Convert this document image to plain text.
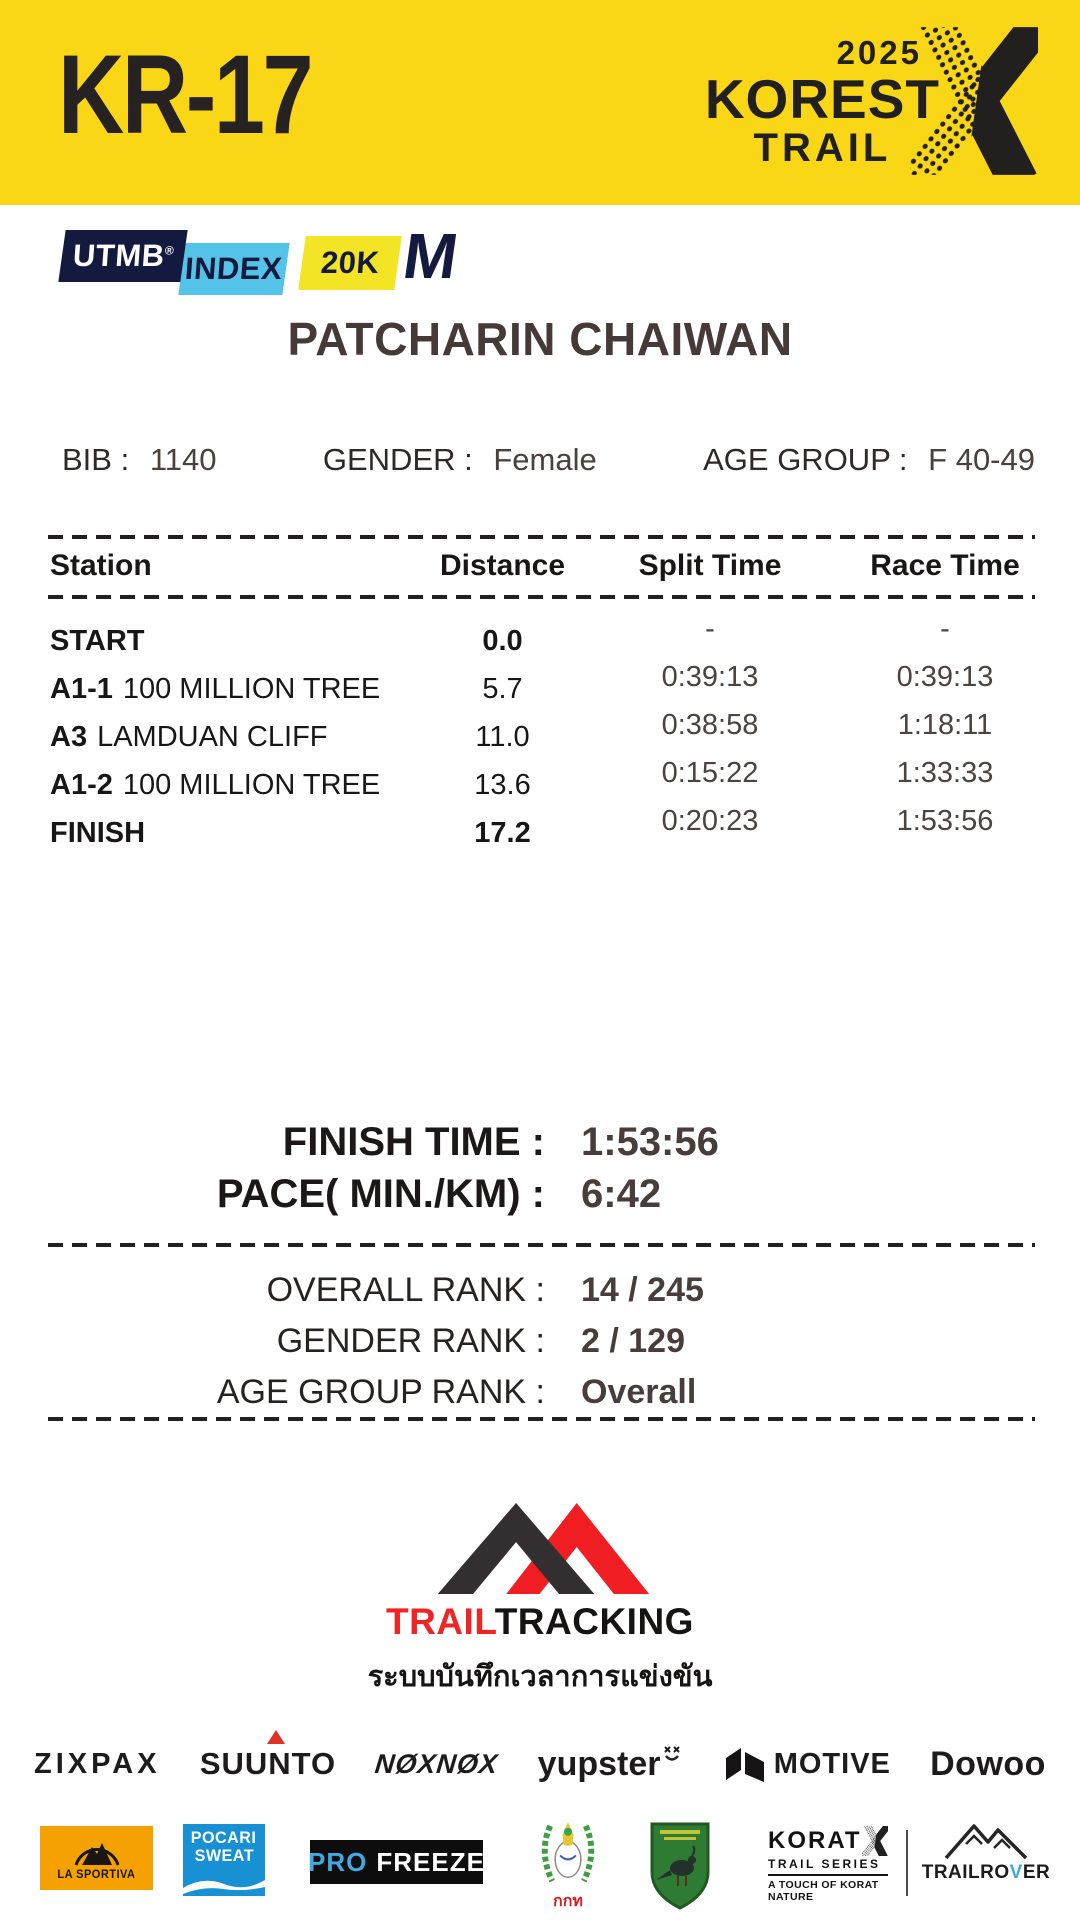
KR-17	2025
KOREST
TRAIL
UTMB®
INDEX 20K M
PATCHARIN CHAIWAN
BIB : 1140	GENDER : Female	AGE GROUP : F 40-49
Station	Distance	Split Time	Race Time
START	0.0	-	-
A1-1 100 MILLION TREE	5.7	0:39:13	0:39:13
A3 LAMDUAN CLIFF	11.0	0:38:58	1:18:11
A1-2 100 MILLION TREE	13.6	0:15:22	1:33:33
FINISH	17.2	0:20:23	1:53:56
FINISH TIME : 1:53:56
PACE( MIN./KM) : 6:42
OVERALL RANK : 14 / 245
GENDER RANK : 2 / 129
AGE GROUP RANK : Overall
TRAILTRACKING
ระบบบันทึกเวลาการแข่งขัน
ZIXPAX SUUNTO NØXNØX yupster	MOTIVE Dowoo
LA SPORTIVA
POCARI
SWEAT PRO FREEZE
กกท
KORAT
TRAIL SERIES
A TOUCH OF KORAT NATURE
TRAILROVER
